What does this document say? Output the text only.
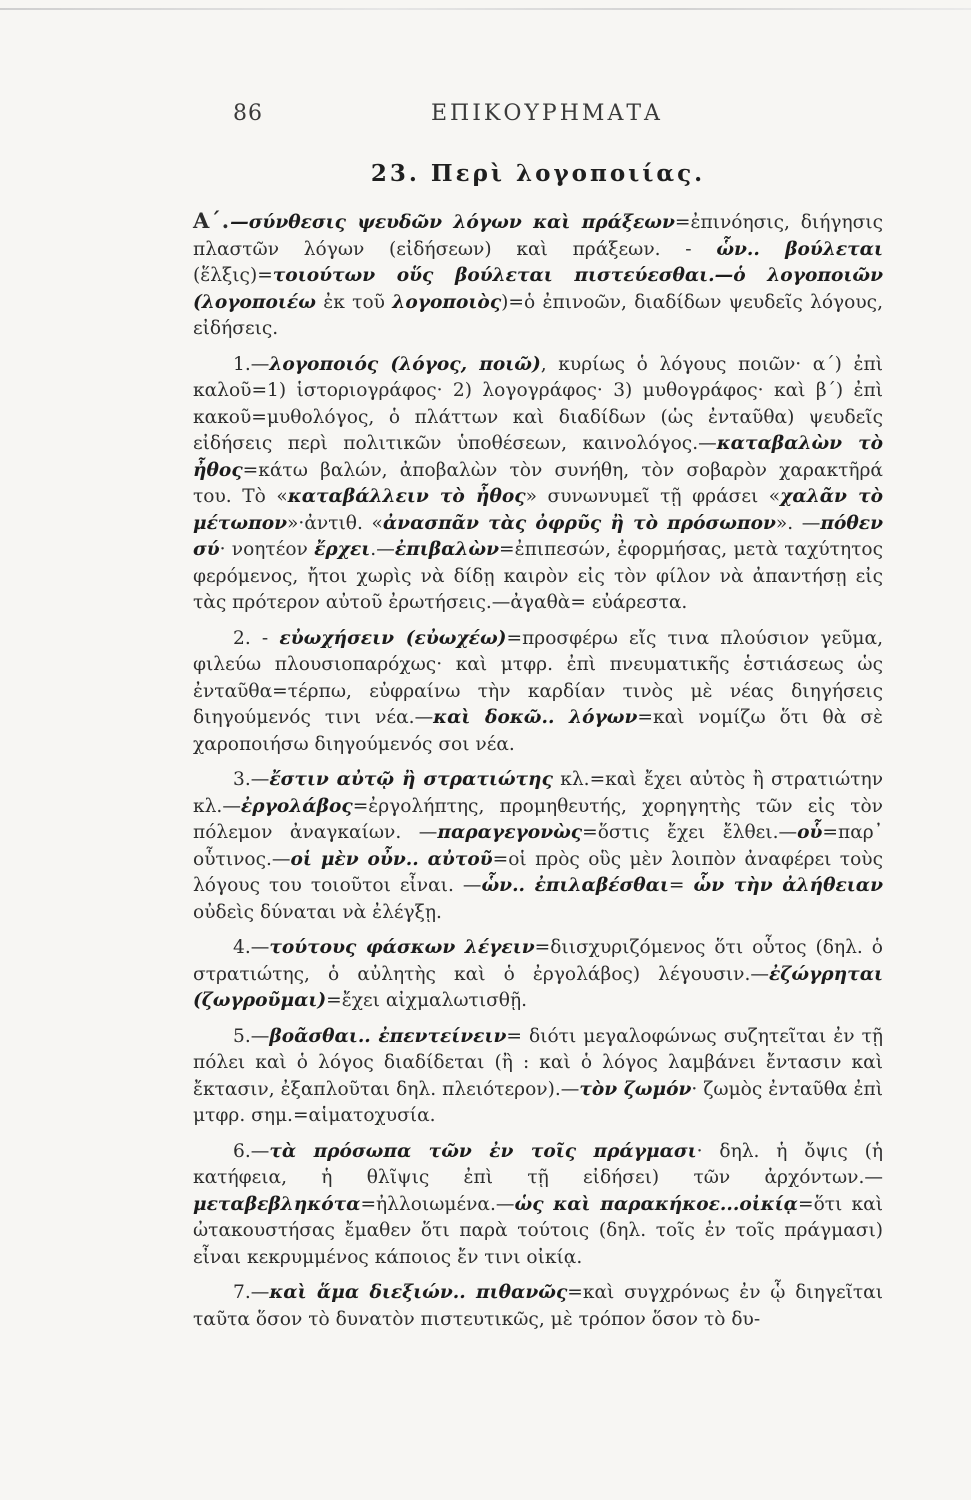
86	ΕΠΙΚΟΥΡΗΜΑΤΑ
23. Περὶ λογοποιίας.

Α΄.—σύνθεσις ψευδῶν λόγων καὶ πράξεων=ἐπινόησις, διήγησις πλαστῶν λόγων (εἰδήσεων) καὶ πράξεων. - ὧν.. βούλεται (ἕλξις)=τοιούτων οὕς βούλεται πιστεύεσθαι.—ὁ λογοποιῶν (λογοποιέω ἐκ τοῦ λογοποιὸς)=ὁ ἐπινοῶν, διαδίδων ψευδεῖς λόγους, εἰδήσεις.

1.—λογοποιός (λόγος, ποιῶ), κυρίως ὁ λόγους ποιῶν· α΄) ἐπὶ καλοῦ=1) ἱστοριογράφος· 2) λογογράφος· 3) μυθογράφος· καὶ β΄) ἐπὶ κακοῦ=μυθολόγος, ὁ πλάττων καὶ διαδίδων (ὡς ἐνταῦθα) ψευδεῖς εἰδήσεις περὶ πολιτικῶν ὑποθέσεων, καινολόγος.—καταβαλὼν τὸ ἦθος=κάτω βαλών, ἀποβαλὼν τὸν συνήθη, τὸν σοβαρὸν χαρακτῆρά του. Τὸ «καταβάλλειν τὸ ἦθος» συνωνυμεῖ τῇ φράσει «χαλᾶν τὸ μέτωπον»·ἀντιθ. «ἀνασπᾶν τὰς ὀφρῦς ἢ τὸ πρόσωπον». —πόθεν σύ· νοητέον ἔρχει.—ἐπιβαλὼν=ἐπιπεσών, ἐφορμήσας, μετὰ ταχύτητος φερόμενος, ἤτοι χωρὶς νὰ δίδῃ καιρὸν εἰς τὸν φίλον νὰ ἀπαντήσῃ εἰς τὰς πρότερον αὐτοῦ ἐρωτήσεις.—ἀγαθὰ= εὐάρεστα.

2. - εὐωχήσειν (εὐωχέω)=προσφέρω εἴς τινα πλούσιον γεῦμα, φιλεύω πλουσιοπαρόχως· καὶ μτφρ. ἐπὶ πνευματικῆς ἑστιάσεως ὡς ἐνταῦθα=τέρπω, εὐφραίνω τὴν καρδίαν τινὸς μὲ νέας διηγήσεις διηγούμενός τινι νέα.—καὶ δοκῶ.. λόγων=καὶ νομίζω ὅτι θὰ σὲ χαροποιήσω διηγούμενός σοι νέα.

3.—ἔστιν αὐτῷ ἢ στρατιώτης κλ.=καὶ ἔχει αὐτὸς ἢ στρατιώτην κλ.—ἐργολάβος=ἐργολήπτης, προμηθευτής, χορηγητὴς τῶν εἰς τὸν πόλεμον ἀναγκαίων. —παραγεγονὼς=ὅστις ἔχει ἔλθει.—οὗ=παρ᾽ οὗτινος.—οἱ μὲν οὖν.. αὐτοῦ=οἱ πρὸς οὓς μὲν λοιπὸν ἀναφέρει τοὺς λόγους του τοιοῦτοι εἶναι. —ὧν.. ἐπιλαβέσθαι= ὧν τὴν ἀλήθειαν οὐδεὶς δύναται νὰ ἐλέγξῃ.

4.—τούτους φάσκων λέγειν=διισχυριζόμενος ὅτι οὗτος (δηλ. ὁ στρατιώτης, ὁ αὐλητὴς καὶ ὁ ἐργολάβος) λέγουσιν.—ἐζώγρηται (ζωγροῦμαι)=ἔχει αἰχμαλωτισθῇ.

5.—βοᾶσθαι.. ἐπεντείνειν= διότι μεγαλοφώνως συζητεῖται ἐν τῇ πόλει καὶ ὁ λόγος διαδίδεται (ἢ : καὶ ὁ λόγος λαμβάνει ἔντασιν καὶ ἔκτασιν, ἐξαπλοῦται δηλ. πλειότερον).—τὸν ζωμόν· ζωμὸς ἐνταῦθα ἐπὶ μτφρ. σημ.=αἱματοχυσία.

6.—τὰ πρόσωπα τῶν ἐν τοῖς πράγμασι· δηλ. ἡ ὄψις (ἡ κατήφεια, ἡ θλῖψις ἐπὶ τῇ εἰδήσει) τῶν ἀρχόντων.—μεταβεβληκότα=ἠλλοιωμένα.—ὡς καὶ παρακήκοε...οἰκίᾳ=ὅτι καὶ ὠτακουστήσας ἔμαθεν ὅτι παρὰ τούτοις (δηλ. τοῖς ἐν τοῖς πράγμασι) εἶναι κεκρυμμένος κάποιος ἔν τινι οἰκίᾳ.

7.—καὶ ἅμα διεξιών.. πιθανῶς=καὶ συγχρόνως ἐν ᾧ διηγεῖται ταῦτα ὅσον τὸ δυνατὸν πιστευτικῶς, μὲ τρόπον ὅσον τὸ δυ-
